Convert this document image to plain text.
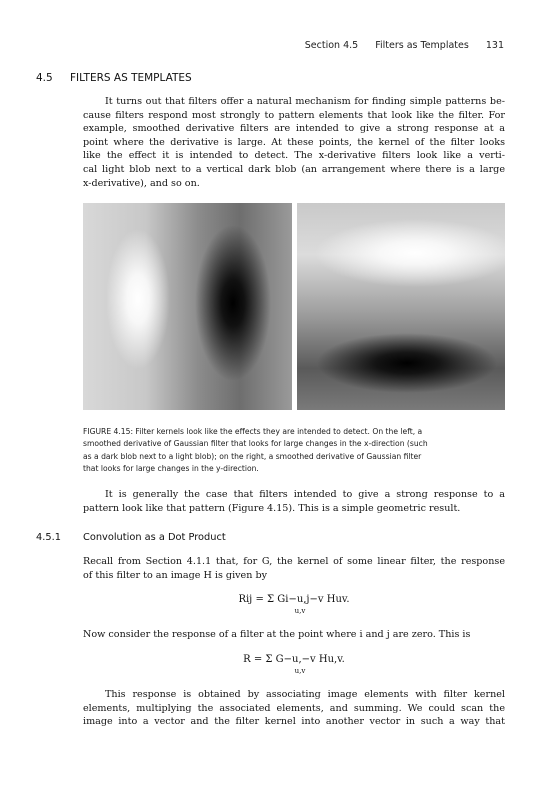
Section 4.5 Filters as Templates 131
4.5 FILTERS AS TEMPLATES
It turns out that filters offer a natural mechanism for finding simple patterns be-
cause filters respond most strongly to pattern elements that look like the filter. For
example, smoothed derivative filters are intended to give a strong response at a
point where the derivative is large. At these points, the kernel of the filter looks
like the effect it is intended to detect. The x-derivative filters look like a verti-
cal light blob next to a vertical dark blob (an arrangement where there is a large
x-derivative), and so on.
FIGURE 4.15: Filter kernels look like the effects they are intended to detect. On the left, a
smoothed derivative of Gaussian filter that looks for large changes in the x-direction (such
as a dark blob next to a light blob); on the right, a smoothed derivative of Gaussian filter
that looks for large changes in the y-direction.
It is generally the case that filters intended to give a strong response to a
pattern look like that pattern (Figure 4.15). This is a simple geometric result.
4.5.1 Convolution as a Dot Product
Recall from Section 4.1.1 that, for G, the kernel of some linear filter, the response
of this filter to an image H is given by
Rij = Σ Gi−u,j−v Huv.
u,v
Now consider the response of a filter at the point where i and j are zero. This is
R = Σ G−u,−v Hu,v.
u,v
This response is obtained by associating image elements with filter kernel
elements, multiplying the associated elements, and summing. We could scan the
image into a vector and the filter kernel into another vector in such a way that
